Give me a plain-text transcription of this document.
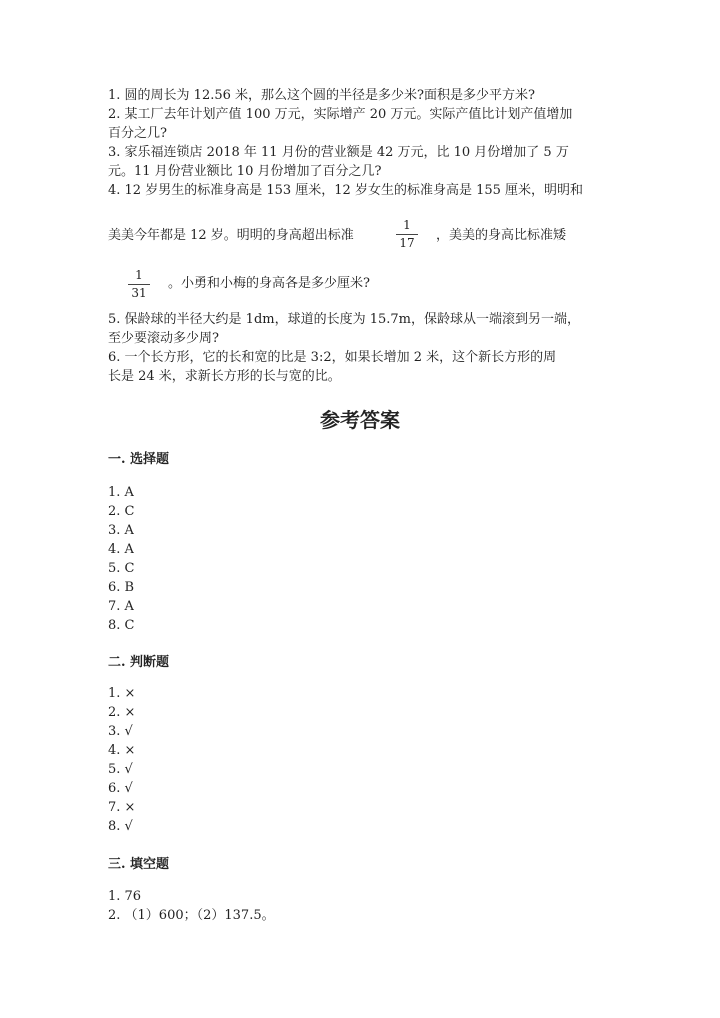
1. 圆的周长为 12.56 米，那么这个圆的半径是多少米?面积是多少平方米?
2. 某工厂去年计划产值 100 万元，实际增产 20 万元。实际产值比计划产值增加
百分之几?
3. 家乐福连锁店 2018 年 11 月份的营业额是 42 万元，比 10 月份增加了 5 万
元。11 月份营业额比 10 月份增加了百分之几?
4. 12 岁男生的标准身高是 153 厘米，12 岁女生的标准身高是 155 厘米，明明和
美美今年都是 12 岁。明明的身高超出标准
1
17 ，美美的身高比标准矮
1
31
。小勇和小梅的身高各是多少厘米?
5. 保龄球的半径大约是 1dm，球道的长度为 15.7m，保龄球从一端滚到另一端，
至少要滚动多少周?
6. 一个长方形，它的长和宽的比是 3:2，如果长增加 2 米，这个新长方形的周
长是 24 米，求新长方形的长与宽的比。
参考答案
一. 选择题
1. A
2. C
3. A
4. A
5. C
6. B
7. A
8. C
二. 判断题
1. ×
2. ×
3. √
4. ×
5. √
6. √
7. ×
8. √
三. 填空题
1. 76
2. （1）600；（2）137.5。
